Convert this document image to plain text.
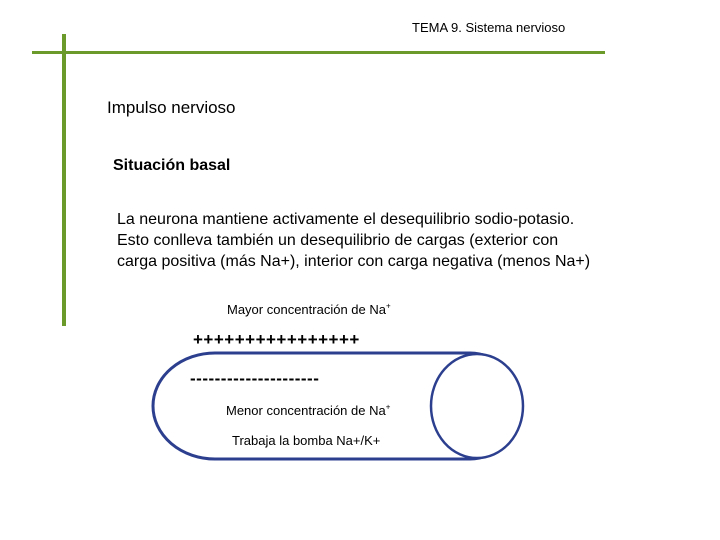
TEMA 9. Sistema nervioso
Impulso nervioso
Situación basal
La neurona mantiene activamente el desequilibrio sodio-potasio.
Esto conlleva también un desequilibrio de cargas (exterior con
carga positiva (más Na+), interior con carga negativa (menos Na+)
Mayor concentración de Na+
++++++++++++++++
---------------------
Menor concentración de Na+
Trabaja la bomba Na+/K+
